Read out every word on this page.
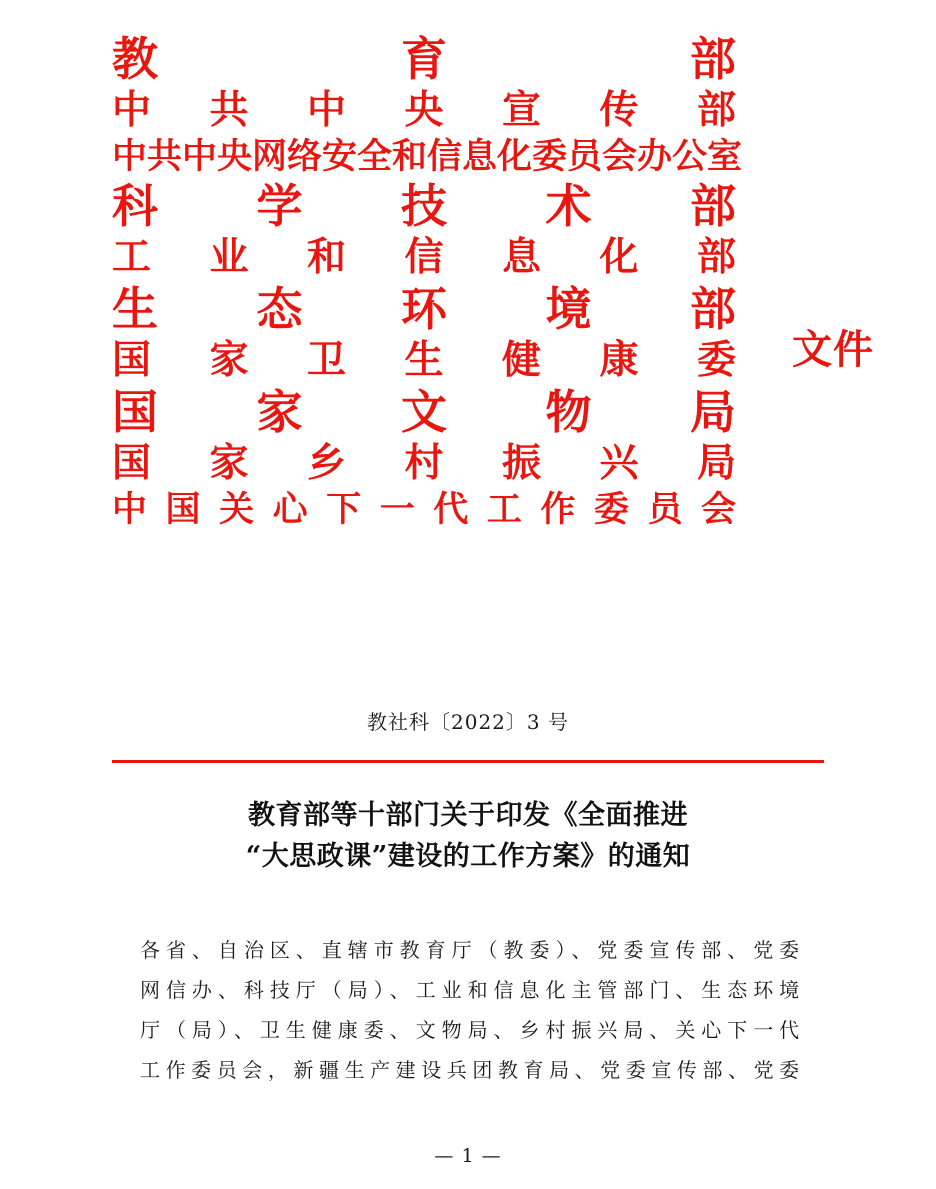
教育部
中共中央宣传部
中共中央网络安全和信息化委员会办公室
科学技术部
工业和信息化部
生态环境部
国家卫生健康委
国家文物局
国家乡村振兴局
中国关心下一代工作委员会
文件
教社科〔2022〕3 号
教育部等十部门关于印发《全面推进
“大思政课”建设的工作方案》的通知

各省、自治区、直辖市教育厅（教委）、党委宣传部、党委

网信办、科技厅（局）、工业和信息化主管部门、生态环境

厅（局）、卫生健康委、文物局、乡村振兴局、关心下一代

工作委员会，新疆生产建设兵团教育局、党委宣传部、党委

— 1 —
